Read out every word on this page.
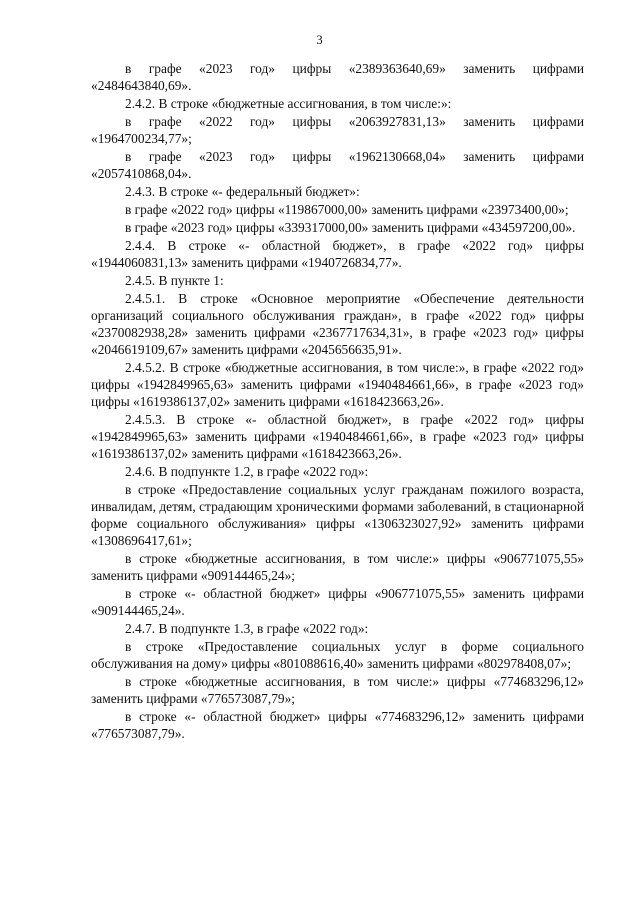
3

в графе «2023 год» цифры «2389363640,69» заменить цифрами «2484643840,69».

2.4.2. В строке «бюджетные ассигнования, в том числе:»:

в графе «2022 год» цифры «2063927831,13» заменить цифрами «1964700234,77»;

в графе «2023 год» цифры «1962130668,04» заменить цифрами «2057410868,04».

2.4.3. В строке «- федеральный бюджет»:

в графе «2022 год» цифры «119867000,00» заменить цифрами «23973400,00»;

в графе «2023 год» цифры «339317000,00» заменить цифрами «434597200,00».

2.4.4. В строке «- областной бюджет», в графе «2022 год» цифры «1944060831,13» заменить цифрами «1940726834,77».

2.4.5. В пункте 1:

2.4.5.1. В строке «Основное мероприятие «Обеспечение деятельности организаций социального обслуживания граждан», в графе «2022 год» цифры «2370082938,28» заменить цифрами «2367717634,31», в графе «2023 год» цифры «2046619109,67» заменить цифрами «2045656635,91».

2.4.5.2. В строке «бюджетные ассигнования, в том числе:», в графе «2022 год» цифры «1942849965,63» заменить цифрами «1940484661,66», в графе «2023 год» цифры «1619386137,02» заменить цифрами «1618423663,26».

2.4.5.3. В строке «- областной бюджет», в графе «2022 год» цифры «1942849965,63» заменить цифрами «1940484661,66», в графе «2023 год» цифры «1619386137,02» заменить цифрами «1618423663,26».

2.4.6. В подпункте 1.2, в графе «2022 год»:

в строке «Предоставление социальных услуг гражданам пожилого возраста, инвалидам, детям, страдающим хроническими формами заболеваний, в стационарной форме социального обслуживания» цифры «1306323027,92» заменить цифрами «1308696417,61»;

в строке «бюджетные ассигнования, в том числе:» цифры «906771075,55» заменить цифрами «909144465,24»;

в строке «- областной бюджет» цифры «906771075,55» заменить цифрами «909144465,24».

2.4.7. В подпункте 1.3, в графе «2022 год»:

в строке «Предоставление социальных услуг в форме социального обслуживания на дому» цифры «801088616,40» заменить цифрами «802978408,07»;

в строке «бюджетные ассигнования, в том числе:» цифры «774683296,12» заменить цифрами «776573087,79»;

в строке «- областной бюджет» цифры «774683296,12» заменить цифрами «776573087,79».
